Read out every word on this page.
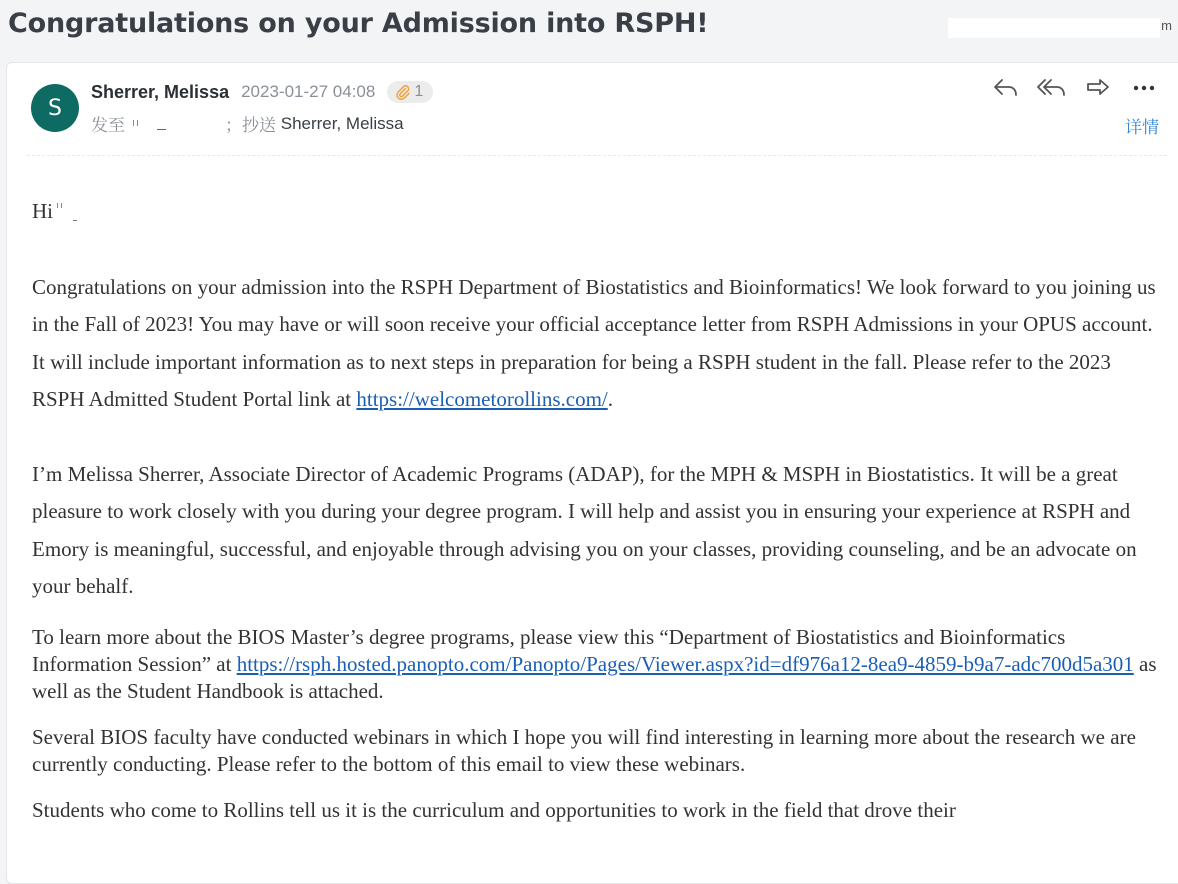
Congratulations on your Admission into RSPH!	m
S
Sherrer, Melissa 2023-01-27 04:08 1
发至	；抄送
Sherrer, Melissa	详情

Hi

Congratulations on your admission into the RSPH Department of Biostatistics and Bioinformatics! We look forward to you joining us in the Fall of 2023! You may have or will soon receive your official acceptance letter from RSPH Admissions in your OPUS account. It will include important information as to next steps in preparation for being a RSPH student in the fall. Please refer to the 2023 RSPH Admitted Student Portal link at https://welcometorollins.com/.

I’m Melissa Sherrer, Associate Director of Academic Programs (ADAP), for the MPH & MSPH in Biostatistics. It will be a great pleasure to work closely with you during your degree program. I will help and assist you in ensuring your experience at RSPH and Emory is meaningful, successful, and enjoyable through advising you on your classes, providing counseling, and be an advocate on your behalf.

To learn more about the BIOS Master’s degree programs, please view this “Department of Biostatistics and Bioinformatics Information Session” at https://rsph.hosted.panopto.com/Panopto/Pages/Viewer.aspx?id=df976a12-8ea9-4859-b9a7-adc700d5a301 as well as the Student Handbook is attached.

Several BIOS faculty have conducted webinars in which I hope you will find interesting in learning more about the research we are currently conducting. Please refer to the bottom of this email to view these webinars.

Students who come to Rollins tell us it is the curriculum and opportunities to work in the field that drove their
